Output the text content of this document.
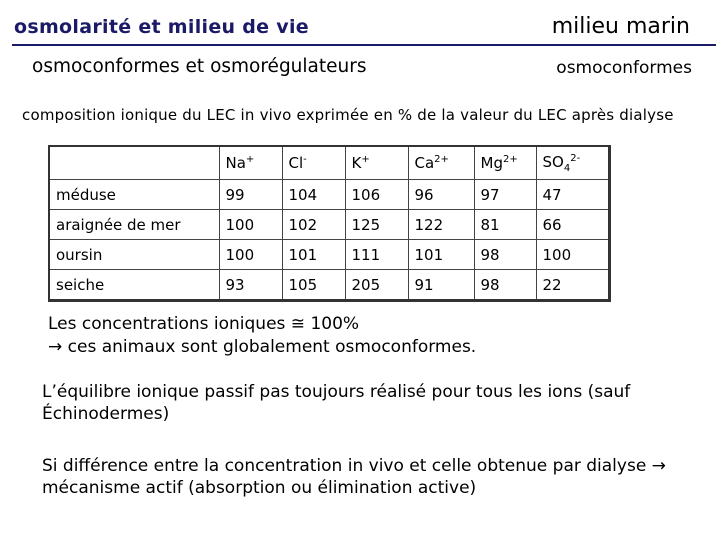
osmolarité et milieu de vie	milieu marin
osmoconformes et osmorégulateurs	osmoconformes
composition ionique du LEC in vivo exprimée en % de la valeur du LEC après dialyse
	Na+	Cl-	K+	$Ca^{2+}$	$Mg^{2+}$	$SO_4^{2-}$
méduse	99	104	106	96	97	47
araignée de mer	100	102	125	122	81	66
oursin	100	101	111	101	98	100
seiche	93	105	205	91	98	22
Les concentrations ioniques ≅ 100%
→ ces animaux sont globalement osmoconformes.
L’équilibre ionique passif pas toujours réalisé pour tous les ions (sauf Échinodermes)
Si différence entre la concentration in vivo et celle obtenue par dialyse → mécanisme actif (absorption ou élimination active)
